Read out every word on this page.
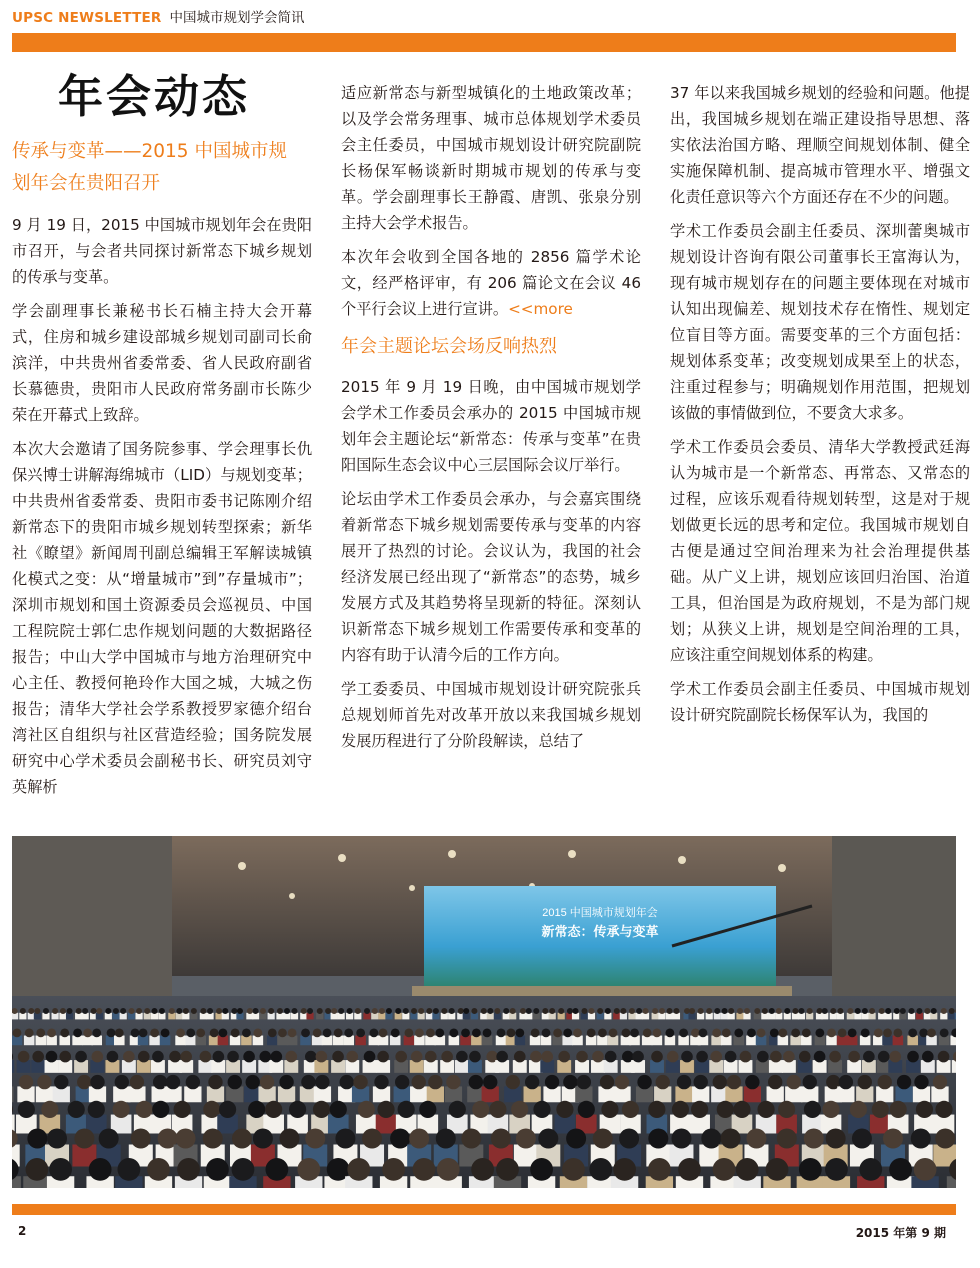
UPSC NEWSLETTER 中国城市规划学会简讯
年会动态
传承与变革——2015 中国城市规
划年会在贵阳召开

9 月 19 日，2015 中国城市规划年会在贵阳市召开，与会者共同探讨新常态下城乡规划的传承与变革。

学会副理事长兼秘书长石楠主持大会开幕式，住房和城乡建设部城乡规划司副司长俞滨洋，中共贵州省委常委、省人民政府副省长慕德贵，贵阳市人民政府常务副市长陈少荣在开幕式上致辞。

本次大会邀请了国务院参事、学会理事长仇保兴博士讲解海绵城市（LID）与规划变革；中共贵州省委常委、贵阳市委书记陈刚介绍新常态下的贵阳市城乡规划转型探索；新华社《瞭望》新闻周刊副总编辑王军解读城镇化模式之变：从“增量城市”到”存量城市”；深圳市规划和国土资源委员会巡视员、中国工程院院士郭仁忠作规划问题的大数据路径报告；中山大学中国城市与地方治理研究中心主任、教授何艳玲作大国之城，大城之伤报告；清华大学社会学系教授罗家德介绍台湾社区自组织与社区营造经验；国务院发展研究中心学术委员会副秘书长、研究员刘守英解析

适应新常态与新型城镇化的土地政策改革；以及学会常务理事、城市总体规划学术委员会主任委员，中国城市规划设计研究院副院长杨保军畅谈新时期城市规划的传承与变革。学会副理事长王静霞、唐凯、张泉分别主持大会学术报告。

本次年会收到全国各地的 2856 篇学术论文，经严格评审，有 206 篇论文在会议 46 个平行会议上进行宣讲。<<more

年会主题论坛会场反响热烈

2015 年 9 月 19 日晚，由中国城市规划学会学术工作委员会承办的 2015 中国城市规划年会主题论坛“新常态：传承与变革”在贵阳国际生态会议中心三层国际会议厅举行。

论坛由学术工作委员会承办，与会嘉宾围绕着新常态下城乡规划需要传承与变革的内容展开了热烈的讨论。会议认为，我国的社会经济发展已经出现了“新常态”的态势，城乡发展方式及其趋势将呈现新的特征。深刻认识新常态下城乡规划工作需要传承和变革的内容有助于认清今后的工作方向。

学工委委员、中国城市规划设计研究院张兵总规划师首先对改革开放以来我国城乡规划发展历程进行了分阶段解读，总结了

37 年以来我国城乡规划的经验和问题。他提出，我国城乡规划在端正建设指导思想、落实依法治国方略、理顺空间规划体制、健全实施保障机制、提高城市管理水平、增强文化责任意识等六个方面还存在不少的问题。

学术工作委员会副主任委员、深圳蕾奥城市规划设计咨询有限公司董事长王富海认为，现有城市规划存在的问题主要体现在对城市认知出现偏差、规划技术存在惰性、规划定位盲目等方面。需要变革的三个方面包括：规划体系变革；改变规划成果至上的状态，注重过程参与；明确规划作用范围，把规划该做的事情做到位，不要贪大求多。

学术工作委员会委员、清华大学教授武廷海认为城市是一个新常态、再常态、又常态的过程，应该乐观看待规划转型，这是对于规划做更长远的思考和定位。我国城市规划自古便是通过空间治理来为社会治理提供基础。从广义上讲，规划应该回归治国、治道工具，但治国是为政府规划，不是为部门规划；从狭义上讲，规划是空间治理的工具，应该注重空间规划体系的构建。

学术工作委员会副主任委员、中国城市规划设计研究院副院长杨保军认为，我国的

2015 中国城市规划年会
新常态：传承与变革
2	2015 年第 9 期
